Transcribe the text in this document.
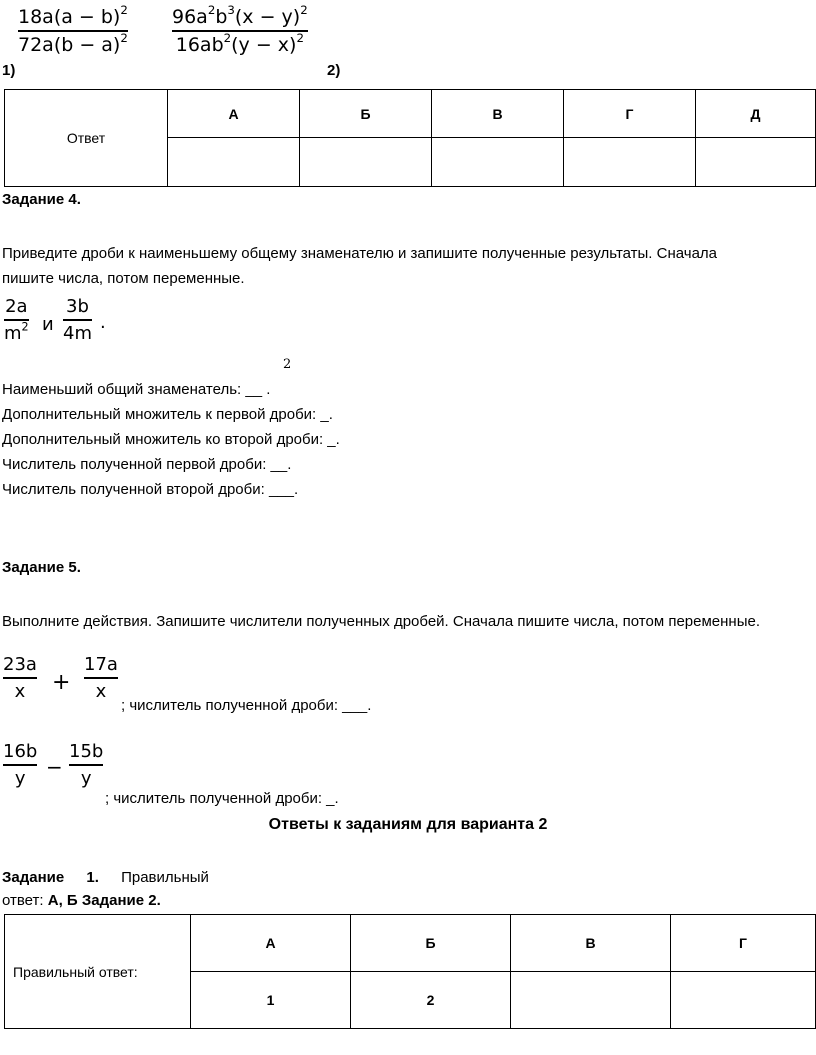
1)
$18a(a - b)^2$
$72a(b - a)^2$
2)
$96a^2b^3(x - y)^2$
$16ab^2(y - x)^2$
Ответ	А	Б	В	Г	Д

Задание 4.
Приведите дроби к наименьшему общему знаменателю и запишите полученные результаты. Сначала
пишите числа, потом переменные.
2a
$m^2$ и
3b
4m .
2
Наименьший общий знаменатель: __ .
Дополнительный множитель к первой дроби: _.
Дополнительный множитель ко второй дроби: _.
Числитель полученной первой дроби: __.
Числитель полученной второй дроби: ___.
Задание 5.
Выполните действия. Запишите числители полученных дробей. Сначала пишите числа, потом переменные.
23a
x	+
17a
x
; числитель полученной дроби: ___.
16b
y	−
15b
y
; числитель полученной дроби: _.
Ответы к заданиям для варианта 2
Задание 1. Правильный
ответ: А, Б Задание 2.
Правильный ответ:	А	Б	В	Г
	1	2		
